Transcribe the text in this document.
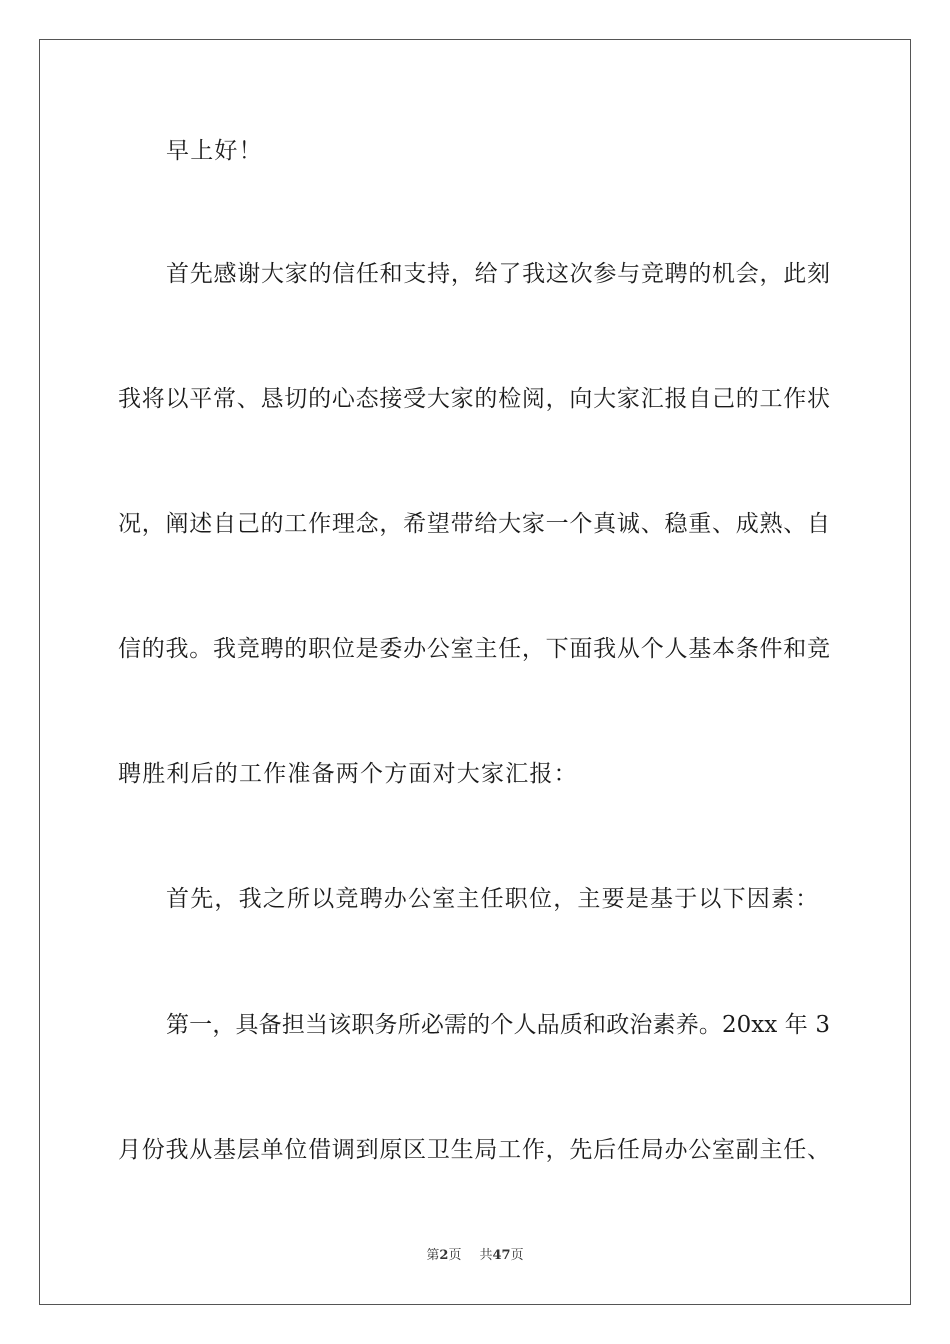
早上好！
首先感谢大家的信任和支持，给了我这次参与竞聘的机会，此刻
我将以平常、恳切的心态接受大家的检阅，向大家汇报自己的工作状
况，阐述自己的工作理念，希望带给大家一个真诚、稳重、成熟、自
信的我。我竞聘的职位是委办公室主任，下面我从个人基本条件和竞
聘胜利后的工作准备两个方面对大家汇报：
首先，我之所以竞聘办公室主任职位，主要是基于以下因素：
第一，具备担当该职务所必需的个人品质和政治素养。20xx 年 3
月份我从基层单位借调到原区卫生局工作，先后任局办公室副主任、
第2页 共47页
